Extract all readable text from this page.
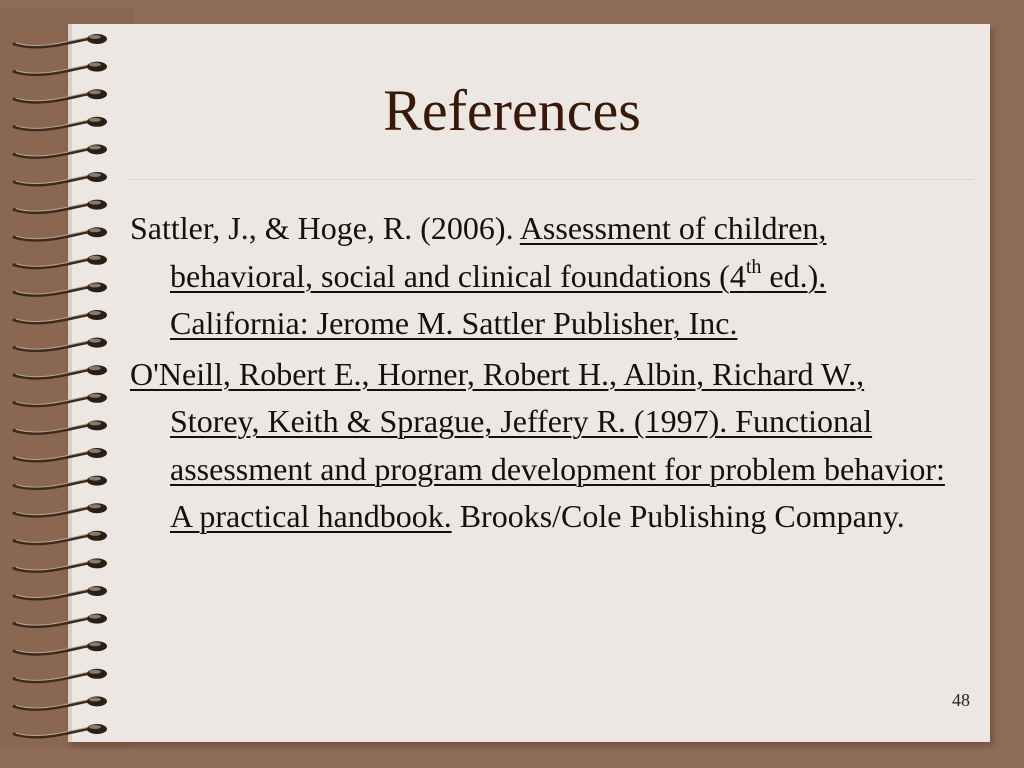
References

Sattler, J., & Hoge, R. (2006). Assessment of children, behavioral, social and clinical foundations (4th ed.). California: Jerome M. Sattler Publisher, Inc.

O'Neill, Robert E., Horner, Robert H., Albin, Richard W., Storey, Keith & Sprague, Jeffery R. (1997). Functional assessment and program development for problem behavior: A practical handbook. Brooks/Cole Publishing Company.

48
